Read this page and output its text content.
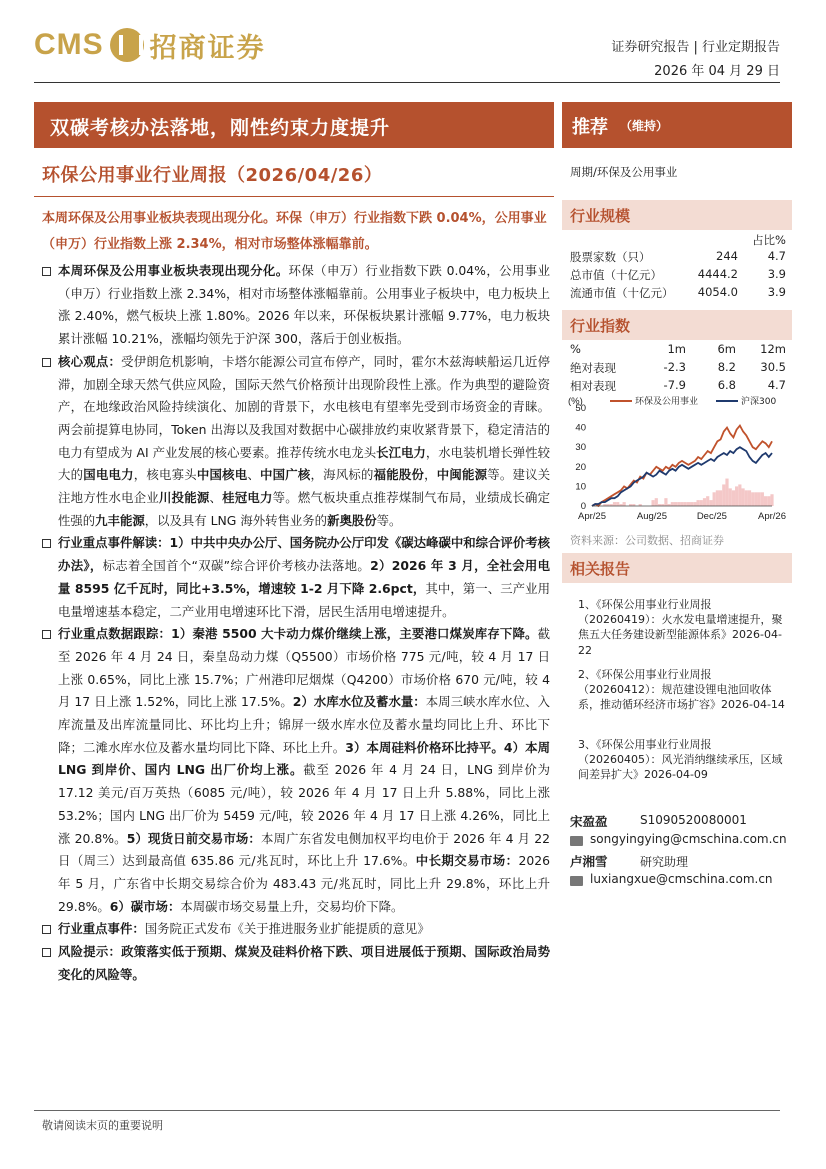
CMS 招商证券	证券研究报告 | 行业定期报告
2026 年 04 月 29 日
双碳考核办法落地，刚性约束力度提升
环保公用事业行业周报（2026/04/26）
本周环保及公用事业板块表现出现分化。环保（申万）行业指数下跌 0.04%，公用事业（申万）行业指数上涨 2.34%，相对市场整体涨幅靠前。
本周环保及公用事业板块表现出现分化。环保（申万）行业指数下跌 0.04%，公用事业（申万）行业指数上涨 2.34%，相对市场整体涨幅靠前。公用事业子板块中，电力板块上涨 2.40%，燃气板块上涨 1.80%。2026 年以来，环保板块累计涨幅 9.77%，电力板块累计涨幅 10.21%，涨幅均领先于沪深 300，落后于创业板指。
核心观点：受伊朗危机影响，卡塔尔能源公司宣布停产，同时，霍尔木兹海峡船运几近停滞，加剧全球天然气供应风险，国际天然气价格预计出现阶段性上涨。作为典型的避险资产，在地缘政治风险持续演化、加剧的背景下，水电核电有望率先受到市场资金的青睐。两会前提算电协同，Token 出海以及我国对数据中心碳排放约束收紧背景下，稳定清洁的电力有望成为 AI 产业发展的核心要素。推荐传统水电龙头长江电力，水电装机增长弹性较大的国电电力，核电寡头中国核电、中国广核，海风标的福能股份，中闽能源等。建议关注地方性水电企业川投能源、桂冠电力等。燃气板块重点推荐煤制气布局，业绩成长确定性强的九丰能源，以及具有 LNG 海外转售业务的新奥股份等。
行业重点事件解读：1）中共中央办公厅、国务院办公厅印发《碳达峰碳中和综合评价考核办法》，标志着全国首个“双碳”综合评价考核办法落地。2）2026 年 3 月，全社会用电量 8595 亿千瓦时，同比+3.5%，增速较 1-2 月下降 2.6pct，其中，第一、三产业用电量增速基本稳定，二产业用电增速环比下滑，居民生活用电增速提升。
行业重点数据跟踪：1）秦港 5500 大卡动力煤价继续上涨，主要港口煤炭库存下降。截至 2026 年 4 月 24 日，秦皇岛动力煤（Q5500）市场价格 775 元/吨，较 4 月 17 日上涨 0.65%，同比上涨 15.7%；广州港印尼烟煤（Q4200）市场价格 670 元/吨，较 4 月 17 日上涨 1.52%，同比上涨 17.5%。2）水库水位及蓄水量：本周三峡水库水位、入库流量及出库流量同比、环比均上升；锦屏一级水库水位及蓄水量均同比上升、环比下降；二滩水库水位及蓄水量均同比下降、环比上升。3）本周硅料价格环比持平。4）本周 LNG 到岸价、国内 LNG 出厂价均上涨。截至 2026 年 4 月 24 日，LNG 到岸价为 17.12 美元/百万英热（6085 元/吨），较 2026 年 4 月 17 日上升 5.88%，同比上涨 53.2%；国内 LNG 出厂价为 5459 元/吨，较 2026 年 4 月 17 日上涨 4.26%，同比上涨 20.8%。5）现货日前交易市场：本周广东省发电侧加权平均电价于 2026 年 4 月 22 日（周三）达到最高值 635.86 元/兆瓦时，环比上升 17.6%。中长期交易市场：2026 年 5 月，广东省中长期交易综合价为 483.43 元/兆瓦时，同比上升 29.8%，环比上升 29.8%。6）碳市场：本周碳市场交易量上升，交易均价下降。
行业重点事件：国务院正式发布《关于推进服务业扩能提质的意见》
风险提示：政策落实低于预期、煤炭及硅料价格下跌、项目进展低于预期、国际政治局势变化的风险等。
推荐 （维持）
周期/环保及公用事业
行业规模
占比%
股票家数（只）	244	4.7
总市值（十亿元）	4444.2	3.9
流通市值（十亿元）	4054.0	3.9
行业指数
%	1m	6m	12m
绝对表现	-2.3	8.2	30.5
相对表现	-7.9	6.8	4.7
(%)
0
10
20
30
40
50
Apr/25	Aug/25	Dec/25	Apr/26
环保及公用事业	沪深300
资料来源：公司数据、招商证券
相关报告
1、《环保公用事业行业周报（20260419）：火水发电量增速提升，聚焦五大任务建设新型能源体系》2026-04-22
2、《环保公用事业行业周报（20260412）：规范建设锂电池回收体系，推动循环经济市场扩容》2026-04-14
3、《环保公用事业行业周报（20260405）：风光消纳继续承压，区域间差异扩大》2026-04-09
宋盈盈	S1090520080001
songyingying@cmschina.com.cn
卢湘雪	研究助理
luxiangxue@cmschina.com.cn
敬请阅读末页的重要说明
